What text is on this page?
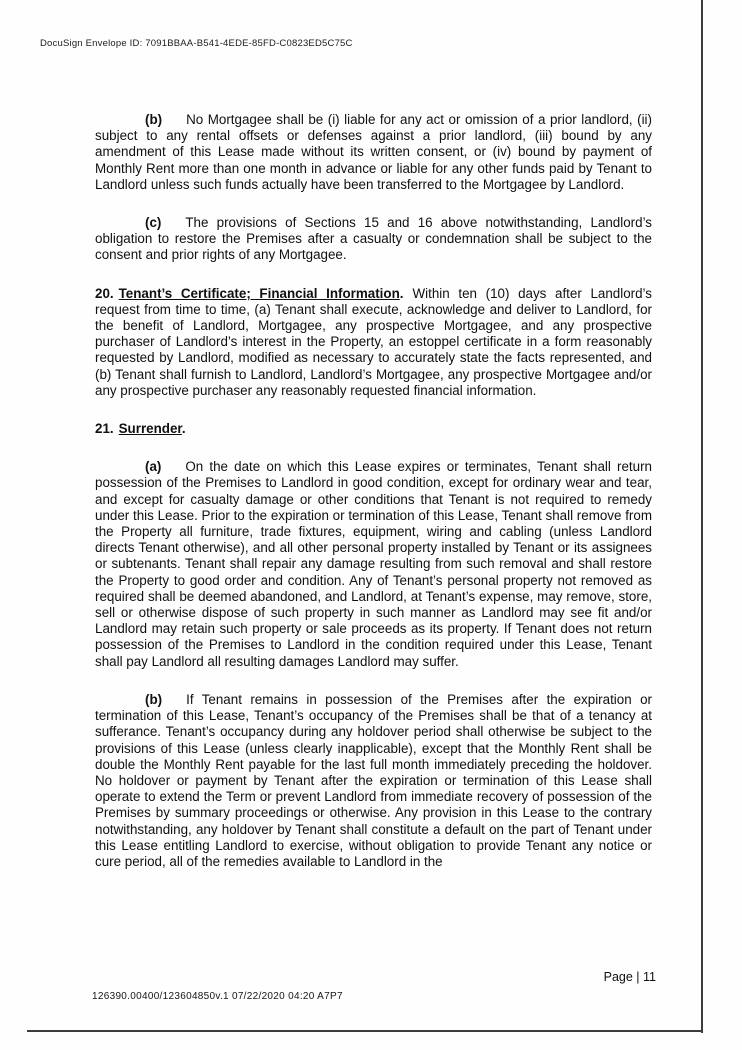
DocuSign Envelope ID: 7091BBAA-B541-4EDE-85FD-C0823ED5C75C

(b) No Mortgagee shall be (i) liable for any act or omission of a prior landlord, (ii) subject to any rental offsets or defenses against a prior landlord, (iii) bound by any amendment of this Lease made without its written consent, or (iv) bound by payment of Monthly Rent more than one month in advance or liable for any other funds paid by Tenant to Landlord unless such funds actually have been transferred to the Mortgagee by Landlord.

(c) The provisions of Sections 15 and 16 above notwithstanding, Landlord’s obligation to restore the Premises after a casualty or condemnation shall be subject to the consent and prior rights of any Mortgagee.

20. Tenant’s Certificate; Financial Information. Within ten (10) days after Landlord’s request from time to time, (a) Tenant shall execute, acknowledge and deliver to Landlord, for the benefit of Landlord, Mortgagee, any prospective Mortgagee, and any prospective purchaser of Landlord’s interest in the Property, an estoppel certificate in a form reasonably requested by Landlord, modified as necessary to accurately state the facts represented, and (b) Tenant shall furnish to Landlord, Landlord’s Mortgagee, any prospective Mortgagee and/or any prospective purchaser any reasonably requested financial information.

21. Surrender.

(a) On the date on which this Lease expires or terminates, Tenant shall return possession of the Premises to Landlord in good condition, except for ordinary wear and tear, and except for casualty damage or other conditions that Tenant is not required to remedy under this Lease. Prior to the expiration or termination of this Lease, Tenant shall remove from the Property all furniture, trade fixtures, equipment, wiring and cabling (unless Landlord directs Tenant otherwise), and all other personal property installed by Tenant or its assignees or subtenants. Tenant shall repair any damage resulting from such removal and shall restore the Property to good order and condition. Any of Tenant’s personal property not removed as required shall be deemed abandoned, and Landlord, at Tenant’s expense, may remove, store, sell or otherwise dispose of such property in such manner as Landlord may see fit and/or Landlord may retain such property or sale proceeds as its property. If Tenant does not return possession of the Premises to Landlord in the condition required under this Lease, Tenant shall pay Landlord all resulting damages Landlord may suffer.

(b) If Tenant remains in possession of the Premises after the expiration or termination of this Lease, Tenant’s occupancy of the Premises shall be that of a tenancy at sufferance. Tenant’s occupancy during any holdover period shall otherwise be subject to the provisions of this Lease (unless clearly inapplicable), except that the Monthly Rent shall be double the Monthly Rent payable for the last full month immediately preceding the holdover. No holdover or payment by Tenant after the expiration or termination of this Lease shall operate to extend the Term or prevent Landlord from immediate recovery of possession of the Premises by summary proceedings or otherwise. Any provision in this Lease to the contrary notwithstanding, any holdover by Tenant shall constitute a default on the part of Tenant under this Lease entitling Landlord to exercise, without obligation to provide Tenant any notice or cure period, all of the remedies available to Landlord in the

Page | 11
126390.00400/123604850v.1 07/22/2020 04:20 A7P7
